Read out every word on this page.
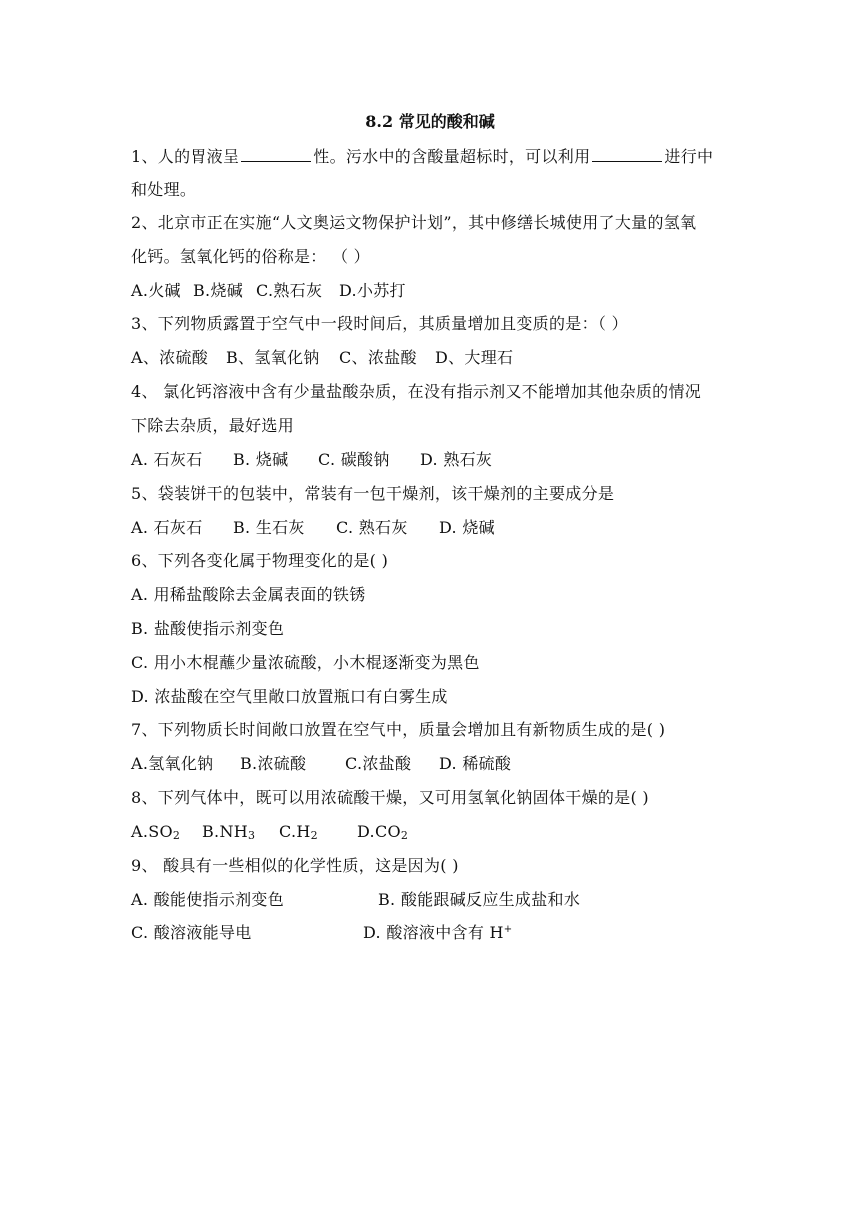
8.2 常见的酸和碱
1、人的胃液呈	性。污水中的含酸量超标时，可以利用	进行中
和处理。
2、北京市正在实施“人文奥运文物保护计划”，其中修缮长城使用了大量的氢氧
化钙。氢氧化钙的俗称是： （ ）
A.火碱 B.烧碱 C.熟石灰 D.小苏打
3、下列物质露置于空气中一段时间后，其质量增加且变质的是：（ ）
A、浓硫酸 B、氢氧化钠 C、浓盐酸 D、大理石
4、 氯化钙溶液中含有少量盐酸杂质，在没有指示剂又不能增加其他杂质的情况
下除去杂质，最好选用
A. 石灰石 B. 烧碱 C. 碳酸钠 D. 熟石灰
5、袋装饼干的包装中，常装有一包干燥剂，该干燥剂的主要成分是
A. 石灰石 B. 生石灰 C. 熟石灰 D. 烧碱
6、下列各变化属于物理变化的是( )
A. 用稀盐酸除去金属表面的铁锈
B. 盐酸使指示剂变色
C. 用小木棍蘸少量浓硫酸，小木棍逐渐变为黑色
D. 浓盐酸在空气里敞口放置瓶口有白雾生成
7、下列物质长时间敞口放置在空气中，质量会增加且有新物质生成的是( )
A.氢氧化钠 B.浓硫酸 C.浓盐酸 D. 稀硫酸
8、下列气体中，既可以用浓硫酸干燥，又可用氢氧化钠固体干燥的是( )
$A.SO_2$ $B.NH_3$ $C.H_2$ $D.CO_2$
9、 酸具有一些相似的化学性质，这是因为( )
A. 酸能使指示剂变色	B. 酸能跟碱反应生成盐和水
C. 酸溶液能导电	D. 酸溶液中含有 H+
